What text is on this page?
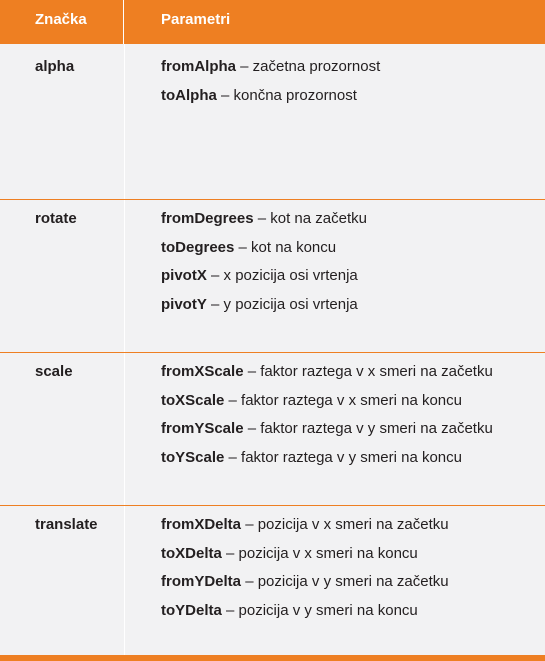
Značka	Parametri
alpha	fromAlpha – začetna prozornost
toAlpha – končna prozornost
rotate	fromDegrees – kot na začetku
toDegrees – kot na koncu
pivotX – x pozicija osi vrtenja
pivotY – y pozicija osi vrtenja
scale	fromXScale – faktor raztega v x smeri na začetku
toXScale – faktor raztega v x smeri na koncu
fromYScale – faktor raztega v y smeri na začetku
toYScale – faktor raztega v y smeri na koncu
translate	fromXDelta – pozicija v x smeri na začetku
toXDelta – pozicija v x smeri na koncu
fromYDelta – pozicija v y smeri na začetku
toYDelta – pozicija v y smeri na koncu
